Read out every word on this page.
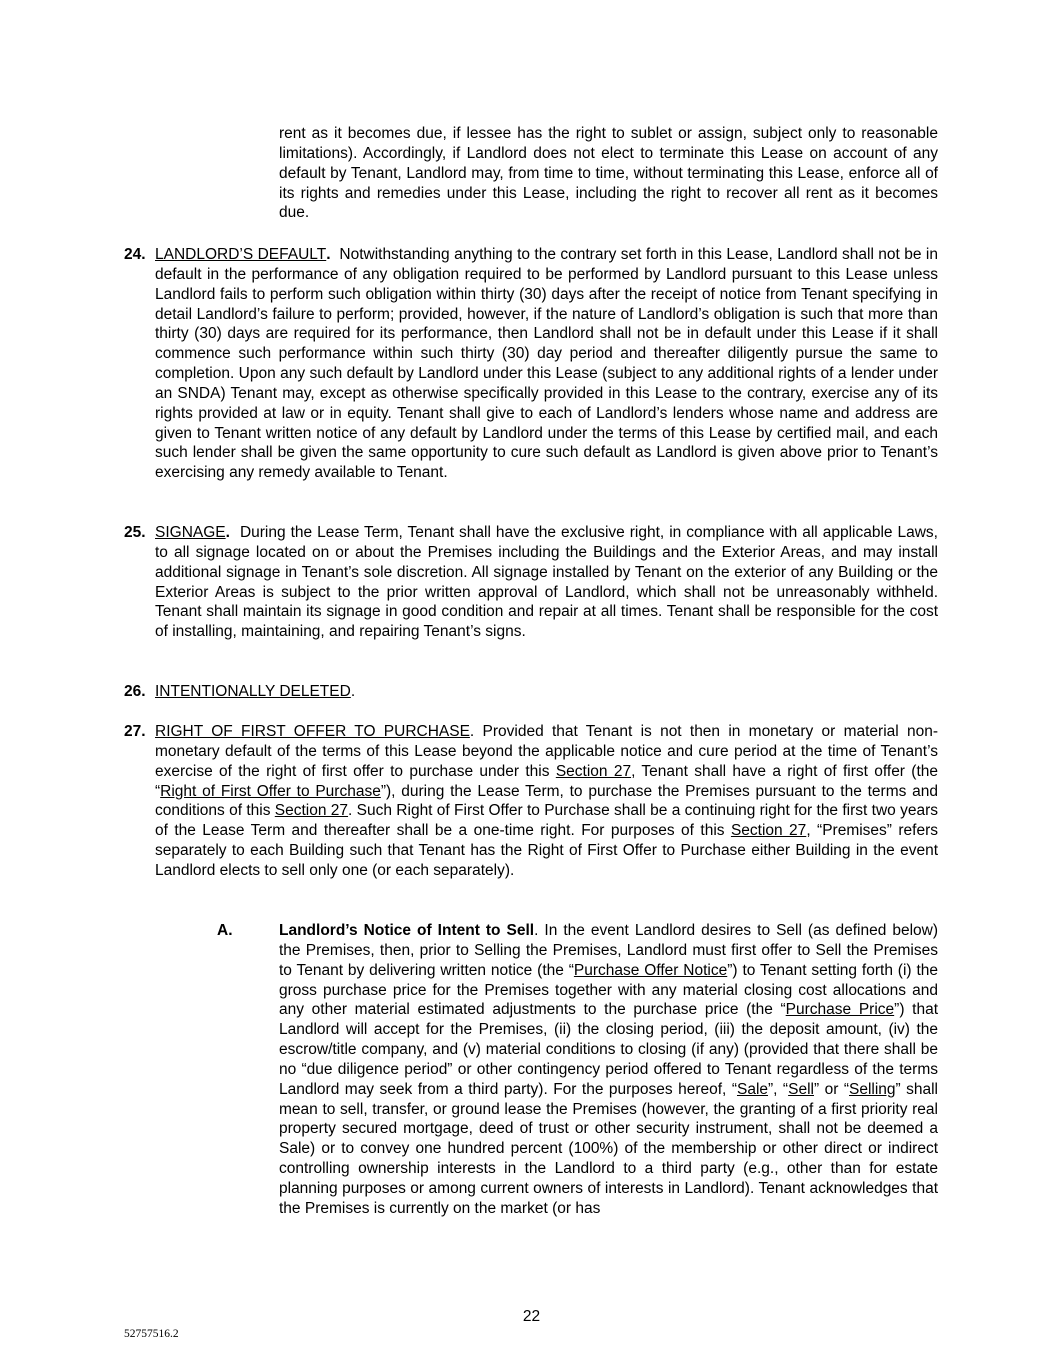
rent as it becomes due, if lessee has the right to sublet or assign, subject only to reasonable limitations). Accordingly, if Landlord does not elect to terminate this Lease on account of any default by Tenant, Landlord may, from time to time, without terminating this Lease, enforce all of its rights and remedies under this Lease, including the right to recover all rent as it becomes due.

24. LANDLORD’S DEFAULT. Notwithstanding anything to the contrary set forth in this Lease, Landlord shall not be in default in the performance of any obligation required to be performed by Landlord pursuant to this Lease unless Landlord fails to perform such obligation within thirty (30) days after the receipt of notice from Tenant specifying in detail Landlord’s failure to perform; provided, however, if the nature of Landlord’s obligation is such that more than thirty (30) days are required for its performance, then Landlord shall not be in default under this Lease if it shall commence such performance within such thirty (30) day period and thereafter diligently pursue the same to completion. Upon any such default by Landlord under this Lease (subject to any additional rights of a lender under an SNDA) Tenant may, except as otherwise specifically provided in this Lease to the contrary, exercise any of its rights provided at law or in equity. Tenant shall give to each of Landlord’s lenders whose name and address are given to Tenant written notice of any default by Landlord under the terms of this Lease by certified mail, and each such lender shall be given the same opportunity to cure such default as Landlord is given above prior to Tenant’s exercising any remedy available to Tenant.

25. SIGNAGE. During the Lease Term, Tenant shall have the exclusive right, in compliance with all applicable Laws, to all signage located on or about the Premises including the Buildings and the Exterior Areas, and may install additional signage in Tenant’s sole discretion. All signage installed by Tenant on the exterior of any Building or the Exterior Areas is subject to the prior written approval of Landlord, which shall not be unreasonably withheld. Tenant shall maintain its signage in good condition and repair at all times. Tenant shall be responsible for the cost of installing, maintaining, and repairing Tenant’s signs.

26. INTENTIONALLY DELETED.

27. RIGHT OF FIRST OFFER TO PURCHASE. Provided that Tenant is not then in monetary or material non-monetary default of the terms of this Lease beyond the applicable notice and cure period at the time of Tenant’s exercise of the right of first offer to purchase under this Section 27, Tenant shall have a right of first offer (the “Right of First Offer to Purchase”), during the Lease Term, to purchase the Premises pursuant to the terms and conditions of this Section 27. Such Right of First Offer to Purchase shall be a continuing right for the first two years of the Lease Term and thereafter shall be a one-time right. For purposes of this Section 27, “Premises” refers separately to each Building such that Tenant has the Right of First Offer to Purchase either Building in the event Landlord elects to sell only one (or each separately).

A.	Landlord’s Notice of Intent to Sell. In the event Landlord desires to Sell (as defined below) the Premises, then, prior to Selling the Premises, Landlord must first offer to Sell the Premises to Tenant by delivering written notice (the “Purchase Offer Notice”) to Tenant setting forth (i) the gross purchase price for the Premises together with any material closing cost allocations and any other material estimated adjustments to the purchase price (the “Purchase Price”) that Landlord will accept for the Premises, (ii) the closing period, (iii) the deposit amount, (iv) the escrow/title company, and (v) material conditions to closing (if any) (provided that there shall be no “due diligence period” or other contingency period offered to Tenant regardless of the terms Landlord may seek from a third party). For the purposes hereof, “Sale”, “Sell” or “Selling” shall mean to sell, transfer, or ground lease the Premises (however, the granting of a first priority real property secured mortgage, deed of trust or other security instrument, shall not be deemed a Sale) or to convey one hundred percent (100%) of the membership or other direct or indirect controlling ownership interests in the Landlord to a third party (e.g., other than for estate planning purposes or among current owners of interests in Landlord). Tenant acknowledges that the Premises is currently on the market (or has

22
52757516.2
